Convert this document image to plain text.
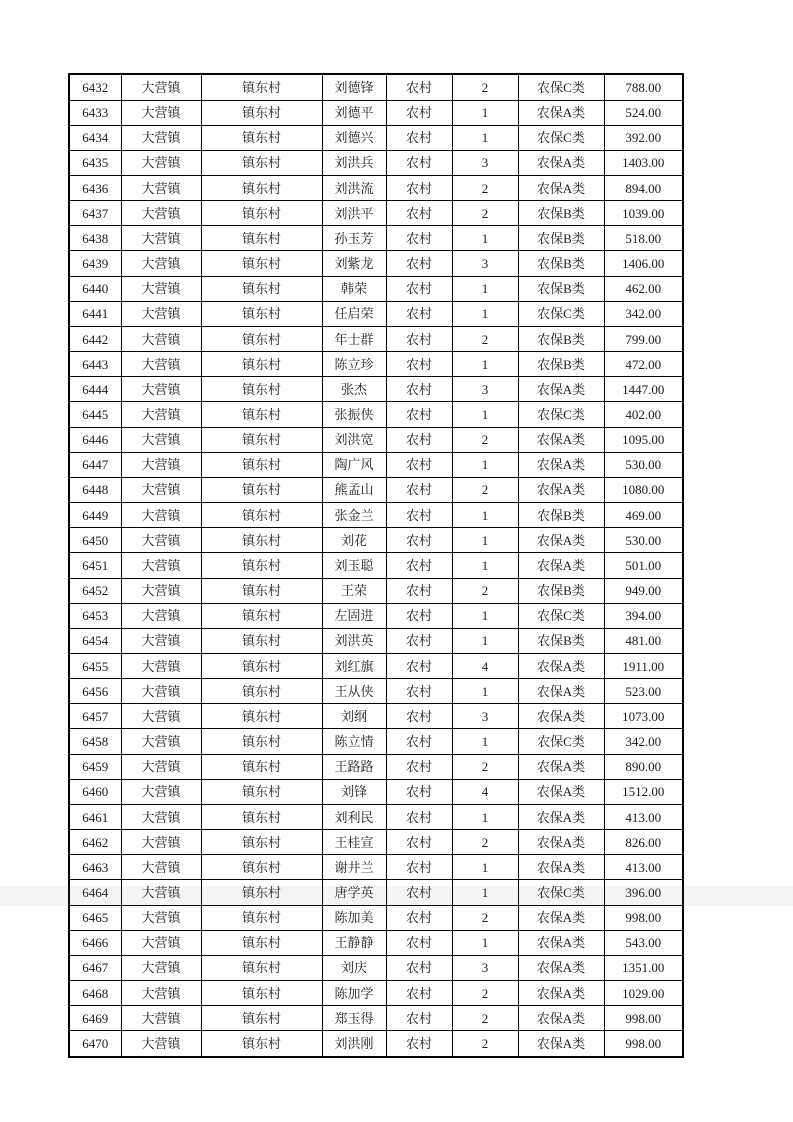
6432	大营镇	镇东村	刘德锋	农村	2	农保C类	788.00
6433	大营镇	镇东村	刘德平	农村	1	农保A类	524.00
6434	大营镇	镇东村	刘德兴	农村	1	农保C类	392.00
6435	大营镇	镇东村	刘洪兵	农村	3	农保A类	1403.00
6436	大营镇	镇东村	刘洪流	农村	2	农保A类	894.00
6437	大营镇	镇东村	刘洪平	农村	2	农保B类	1039.00
6438	大营镇	镇东村	孙玉芳	农村	1	农保B类	518.00
6439	大营镇	镇东村	刘紫龙	农村	3	农保B类	1406.00
6440	大营镇	镇东村	韩荣	农村	1	农保B类	462.00
6441	大营镇	镇东村	任启荣	农村	1	农保C类	342.00
6442	大营镇	镇东村	年士群	农村	2	农保B类	799.00
6443	大营镇	镇东村	陈立珍	农村	1	农保B类	472.00
6444	大营镇	镇东村	张杰	农村	3	农保A类	1447.00
6445	大营镇	镇东村	张振侠	农村	1	农保C类	402.00
6446	大营镇	镇东村	刘洪宽	农村	2	农保A类	1095.00
6447	大营镇	镇东村	陶广风	农村	1	农保A类	530.00
6448	大营镇	镇东村	熊孟山	农村	2	农保A类	1080.00
6449	大营镇	镇东村	张金兰	农村	1	农保B类	469.00
6450	大营镇	镇东村	刘花	农村	1	农保A类	530.00
6451	大营镇	镇东村	刘玉聪	农村	1	农保A类	501.00
6452	大营镇	镇东村	王荣	农村	2	农保B类	949.00
6453	大营镇	镇东村	左固进	农村	1	农保C类	394.00
6454	大营镇	镇东村	刘洪英	农村	1	农保B类	481.00
6455	大营镇	镇东村	刘红旗	农村	4	农保A类	1911.00
6456	大营镇	镇东村	王从侠	农村	1	农保A类	523.00
6457	大营镇	镇东村	刘纲	农村	3	农保A类	1073.00
6458	大营镇	镇东村	陈立情	农村	1	农保C类	342.00
6459	大营镇	镇东村	王路路	农村	2	农保A类	890.00
6460	大营镇	镇东村	刘锋	农村	4	农保A类	1512.00
6461	大营镇	镇东村	刘利民	农村	1	农保A类	413.00
6462	大营镇	镇东村	王桂宣	农村	2	农保A类	826.00
6463	大营镇	镇东村	谢井兰	农村	1	农保A类	413.00
6464	大营镇	镇东村	唐学英	农村	1	农保C类	396.00
6465	大营镇	镇东村	陈加美	农村	2	农保A类	998.00
6466	大营镇	镇东村	王静静	农村	1	农保A类	543.00
6467	大营镇	镇东村	刘庆	农村	3	农保A类	1351.00
6468	大营镇	镇东村	陈加学	农村	2	农保A类	1029.00
6469	大营镇	镇东村	郑玉得	农村	2	农保A类	998.00
6470	大营镇	镇东村	刘洪刚	农村	2	农保A类	998.00
